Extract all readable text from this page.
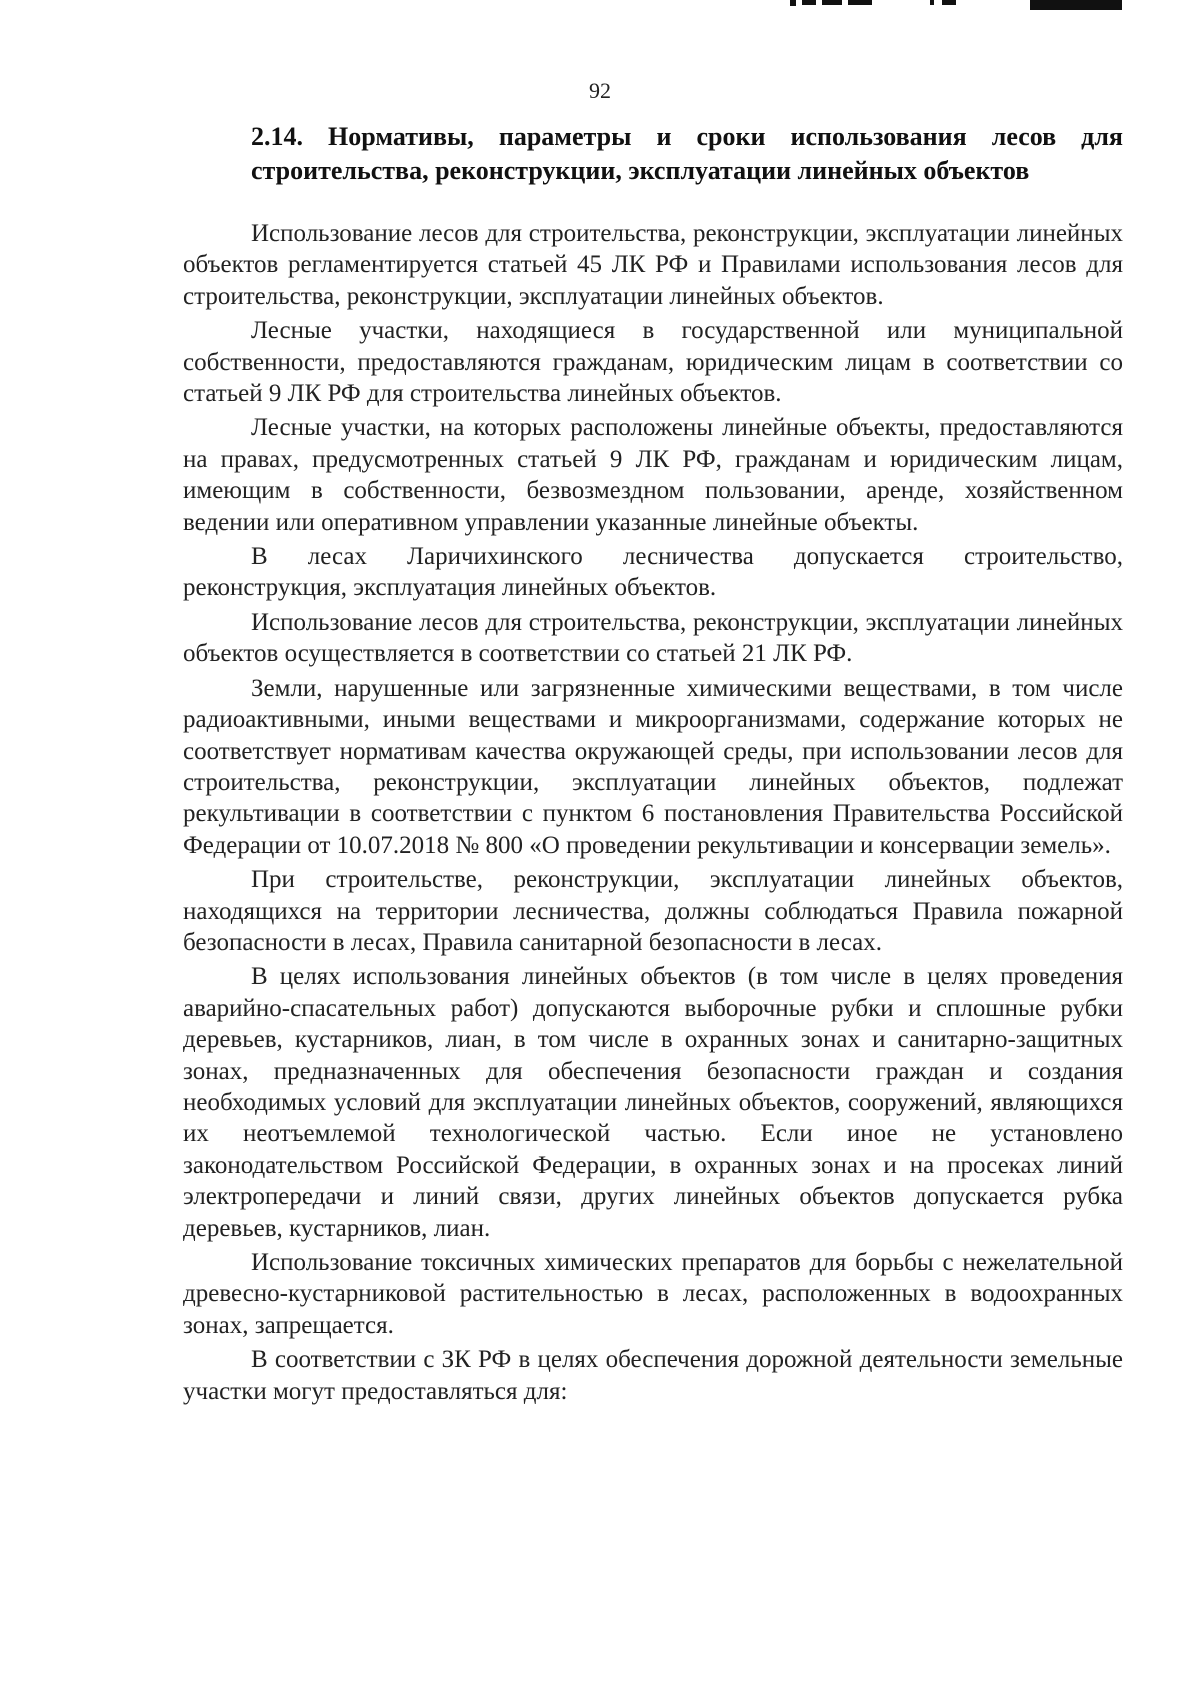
92
2.14. Нормативы, параметры и сроки использования лесов для строительства, реконструкции, эксплуатации линейных объектов

Использование лесов для строительства, реконструкции, эксплуатации линейных объектов регламентируется статьей 45 ЛК РФ и Правилами использования лесов для строительства, реконструкции, эксплуатации линейных объектов.

Лесные участки, находящиеся в государственной или муниципальной собственности, предоставляются гражданам, юридическим лицам в соответствии со статьей 9 ЛК РФ для строительства линейных объектов.

Лесные участки, на которых расположены линейные объекты, предоставляются на правах, предусмотренных статьей 9 ЛК РФ, гражданам и юридическим лицам, имеющим в собственности, безвозмездном пользовании, аренде, хозяйственном ведении или оперативном управлении указанные линейные объекты.

В лесах Ларичихинского лесничества допускается строительство, реконструкция, эксплуатация линейных объектов.

Использование лесов для строительства, реконструкции, эксплуатации линейных объектов осуществляется в соответствии со статьей 21 ЛК РФ.

Земли, нарушенные или загрязненные химическими веществами, в том числе радиоактивными, иными веществами и микроорганизмами, содержание которых не соответствует нормативам качества окружающей среды, при использовании лесов для строительства, реконструкции, эксплуатации линейных объектов, подлежат рекультивации в соответствии с пунктом 6 постановления Правительства Российской Федерации от 10.07.2018 № 800 «О проведении рекультивации и консервации земель».

При строительстве, реконструкции, эксплуатации линейных объектов, находящихся на территории лесничества, должны соблюдаться Правила пожарной безопасности в лесах, Правила санитарной безопасности в лесах.

В целях использования линейных объектов (в том числе в целях проведения аварийно-спасательных работ) допускаются выборочные рубки и сплошные рубки деревьев, кустарников, лиан, в том числе в охранных зонах и санитарно-защитных зонах, предназначенных для обеспечения безопасности граждан и создания необходимых условий для эксплуатации линейных объектов, сооружений, являющихся их неотъемлемой технологической частью. Если иное не установлено законодательством Российской Федерации, в охранных зонах и на просеках линий электропередачи и линий связи, других линейных объектов допускается рубка деревьев, кустарников, лиан.

Использование токсичных химических препаратов для борьбы с нежелательной древесно-кустарниковой растительностью в лесах, расположенных в водоохранных зонах, запрещается.

В соответствии с ЗК РФ в целях обеспечения дорожной деятельности земельные участки могут предоставляться для:
